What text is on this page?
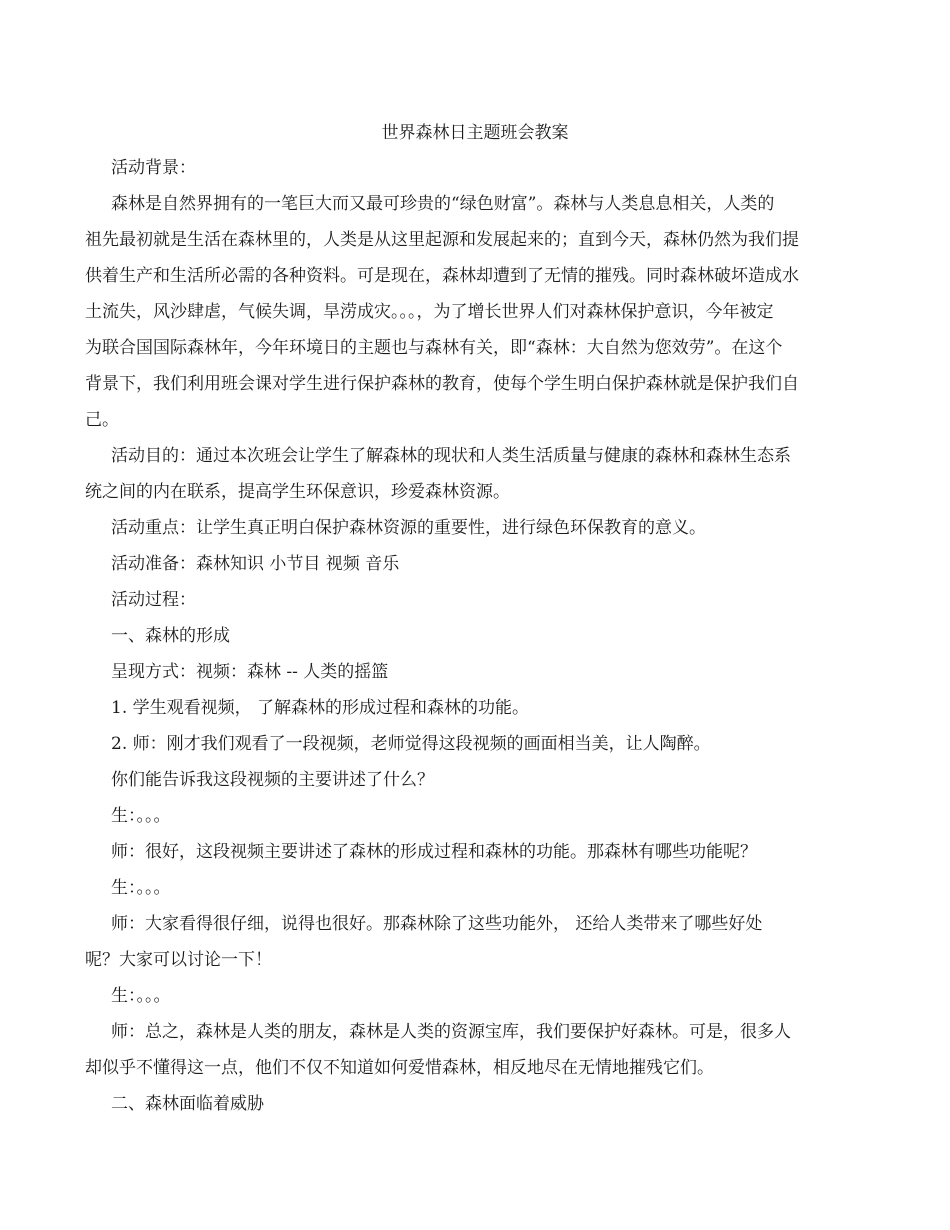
世界森林日主题班会教案

活动背景：

森林是自然界拥有的一笔巨大而又最可珍贵的“绿色财富”。森林与人类息息相关，人类的

祖先最初就是生活在森林里的，人类是从这里起源和发展起来的；直到今天，森林仍然为我们提

供着生产和生活所必需的各种资料。可是现在，森林却遭到了无情的摧残。同时森林破坏造成水

土流失，风沙肆虐，气候失调，旱涝成灾。。。，为了增长世界人们对森林保护意识，今年被定

为联合国国际森林年，今年环境日的主题也与森林有关，即“森林：大自然为您效劳”。在这个

背景下，我们利用班会课对学生进行保护森林的教育，使每个学生明白保护森林就是保护我们自

己。

活动目的：通过本次班会让学生了解森林的现状和人类生活质量与健康的森林和森林生态系

统之间的内在联系，提高学生环保意识，珍爱森林资源。

活动重点：让学生真正明白保护森林资源的重要性，进行绿色环保教育的意义。

活动准备：森林知识 小节目 视频 音乐

活动过程：

一、森林的形成

呈现方式：视频：森林 -- 人类的摇篮

1. 学生观看视频， 了解森林的形成过程和森林的功能。

2. 师：刚才我们观看了一段视频，老师觉得这段视频的画面相当美，让人陶醉。

你们能告诉我这段视频的主要讲述了什么？

生：。。。

师：很好，这段视频主要讲述了森林的形成过程和森林的功能。那森林有哪些功能呢？

生：。。。

师：大家看得很仔细，说得也很好。那森林除了这些功能外， 还给人类带来了哪些好处

呢？大家可以讨论一下！

生：。。。

师：总之，森林是人类的朋友，森林是人类的资源宝库，我们要保护好森林。可是，很多人

却似乎不懂得这一点，他们不仅不知道如何爱惜森林，相反地尽在无情地摧残它们。

二、森林面临着威胁
